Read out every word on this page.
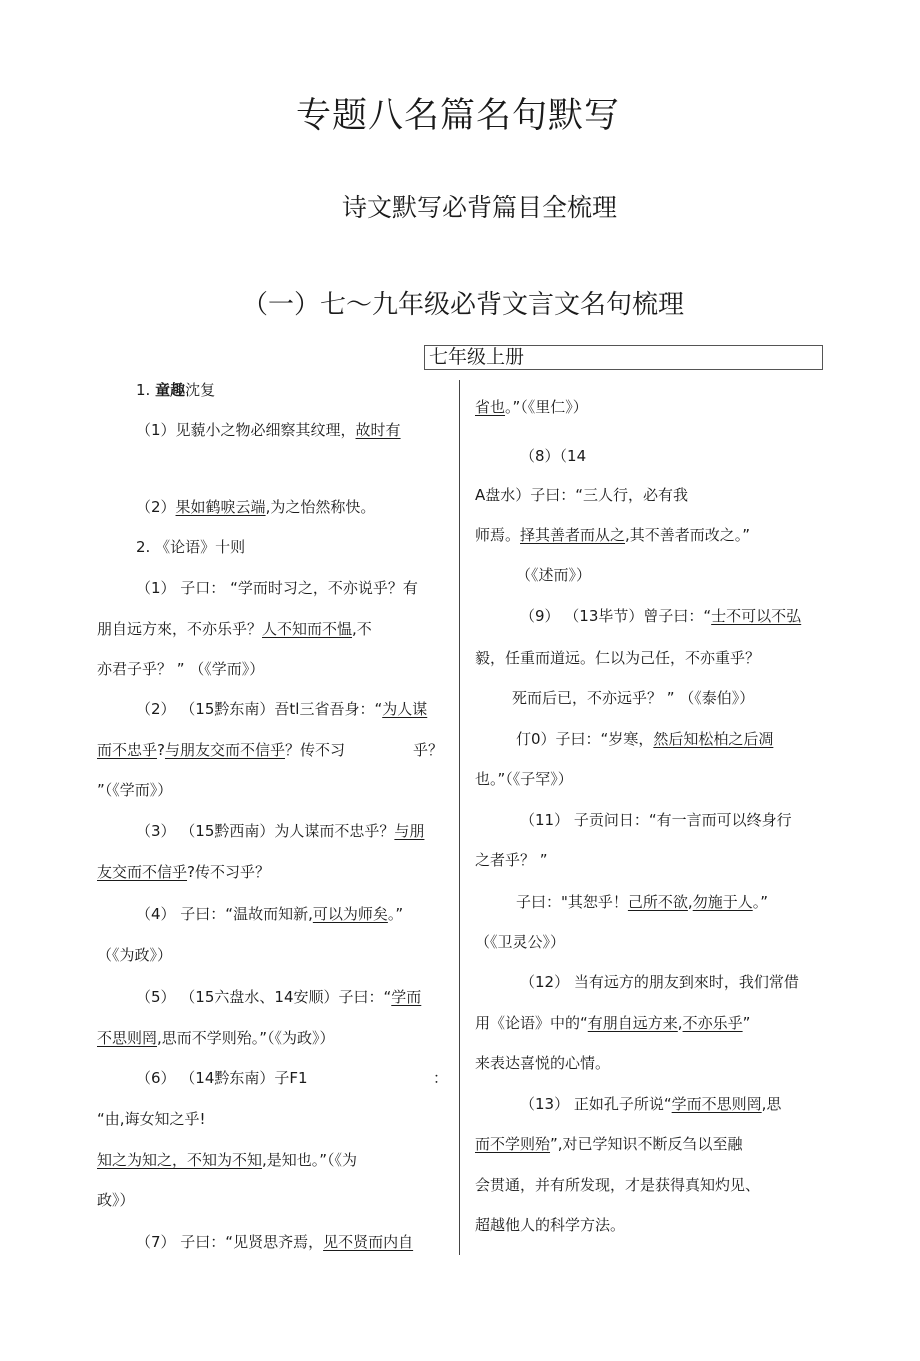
专题八名篇名句默写
诗文默写必背篇目全梳理
（一）七～九年级必背文言文名句梳理
七年级上册
1. 童趣沈复
（1）见藐小之物必细察其纹理，故时有
（2）果如鹤唳云端,为之怡然称快。
2. 《论语》十则
（1） 子口： “学而时习之，不亦说乎？有
朋自远方來，不亦乐乎？人不知而不愠,不
亦君子乎？ ” （《学而》）
（2） （15黔东南）吾tl三省吾身：“为人谋
而不忠乎?与朋友交而不信乎？传不习	乎？
”（《学而》）
（3） （15黔西南）为人谋而不忠乎？与朋
友交而不信乎?传不习乎？
（4） 子曰：“温故而知新,可以为师矣。”
（《为政》）
（5） （15六盘水、14安顺）子曰：“学而
不思则罔,思而不学则殆。”（《为政》）
（6） （14黔东南）子F1	：
“由,诲女知之乎!
知之为知之，不知为不知,是知也。”（《为
政》）
（7） 子曰：“见贤思齐焉，见不贤而内自
省也。”（《里仁》）
（8）（14
A盘水）子曰：“三人行，必有我
师焉。择其善者而从之,其不善者而改之。”
（《述而》）
（9） （13毕节）曾子曰：“士不可以不弘
毅，任重而道远。仁以为己任，不亦重乎？
死而后已，不亦远乎？ ” （《泰伯》）
仃0）子曰：“岁寒，然后知松柏之后凋
也。”（《子罕》）
（11） 子贡问日：“有一言而可以终身行
之者乎？ ”
子曰："其恕乎！己所不欲,勿施于人。”
（《卫灵公》）
（12） 当有远方的朋友到來时，我们常借
用《论语》中的“有朋自远方来,不亦乐乎”
来表达喜悦的心情。
（13） 正如孔子所说“学而不思则罔,思
而不学则殆”,对已学知识不断反刍以至融
会贯通，并有所发现，才是获得真知灼见、
超越他人的科学方法。
